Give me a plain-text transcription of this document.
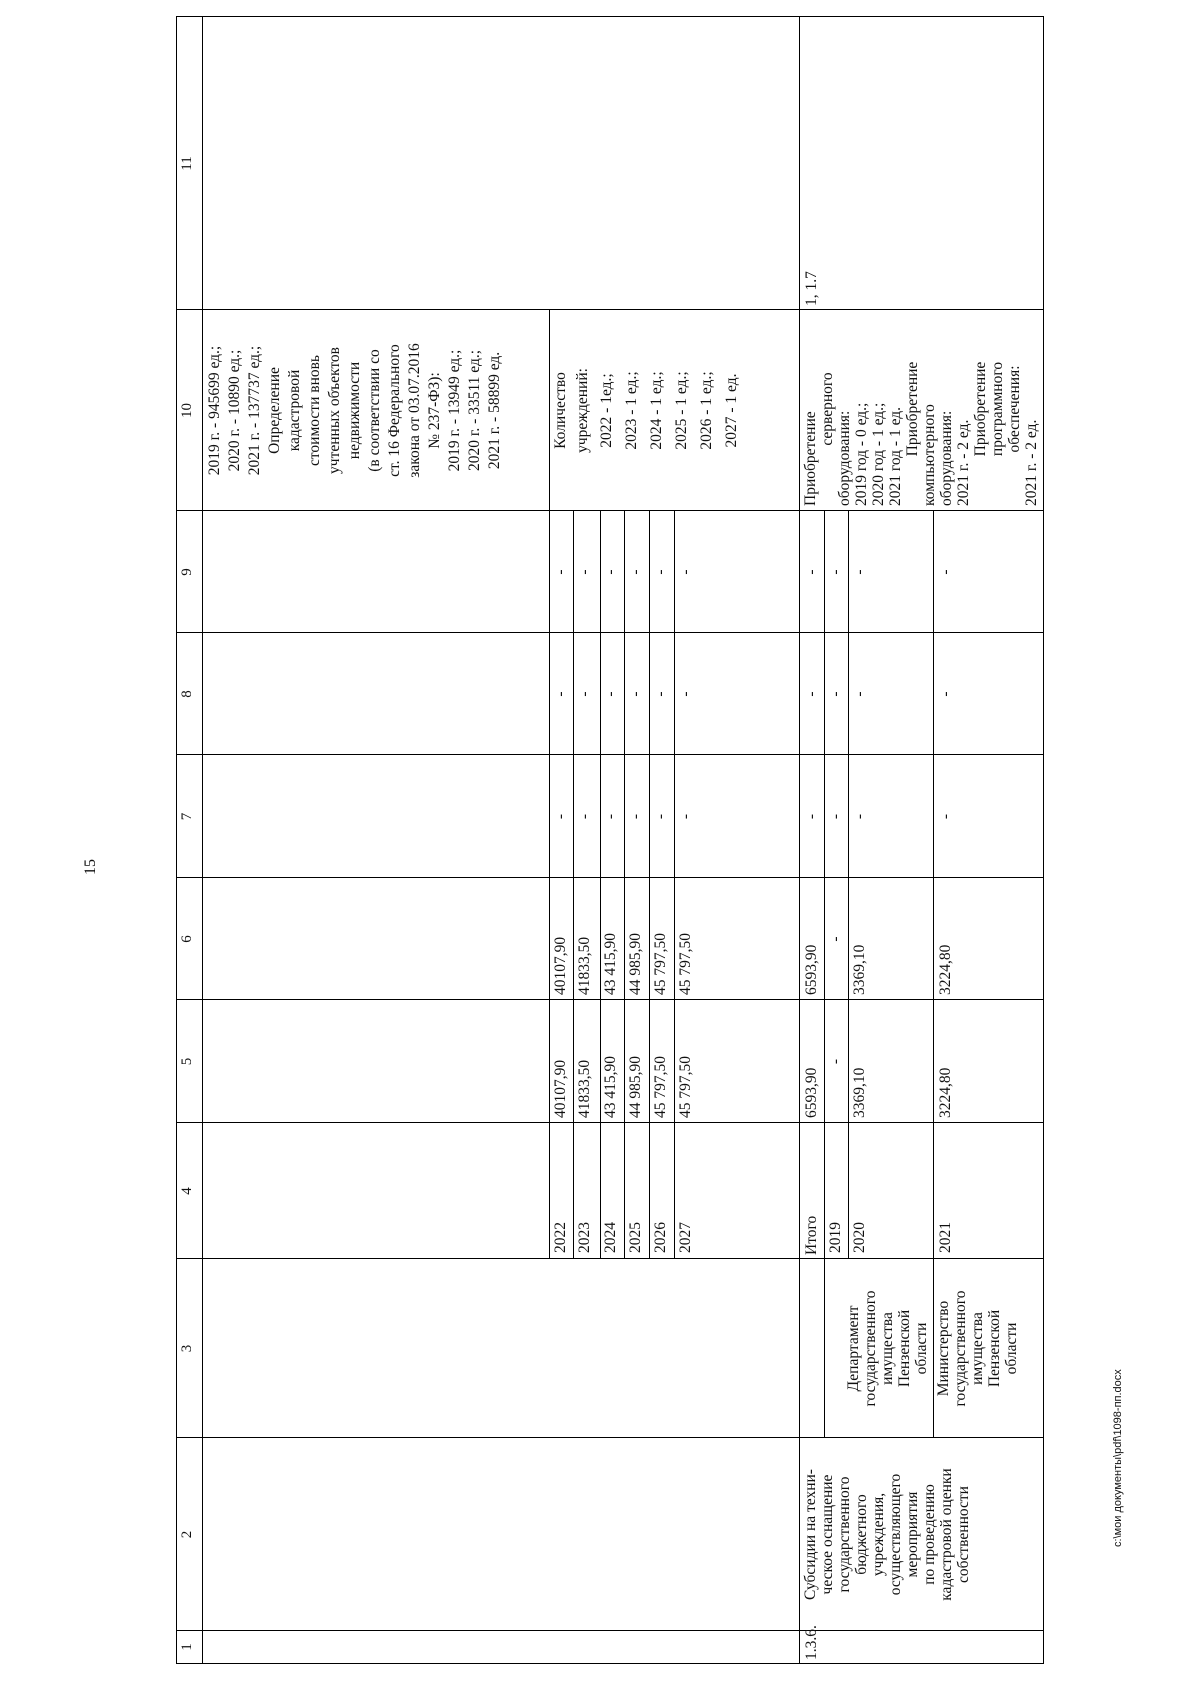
15
1
2
3
4
5
6
7
8
9
10
11
2019 г. - 945699 ед.; 2020 г. - 10890 ед.; 2021 г. - 137737 ед.; Определение кадастровой стоимости вновь учтенных объектов недвижимости (в соответствии со ст. 16 Федерального закона от 03.07.2016 № 237-ФЗ): 2019 г. - 13949 ед.; 2020 г. - 33511 ед.; 2021 г. - 58899 ед.
2022
40107,90
40107,90
-
-
-
2023
41833,50
41833,50
-
-
-
2024
43 415,90
43 415,90
-
-
-
2025
44 985,90
44 985,90
-
-
-
2026
45 797,50
45 797,50
-
-
-
2027
45 797,50
45 797,50
-
-
-
Количество учреждений: 2022 - 1ед.; 2023 - 1 ед.; 2024 - 1 ед.; 2025 - 1 ед.; 2026 - 1 ед.; 2027 - 1 ед.
1.3.6.
Субсидии на техни- ческое оснащение государственного бюджетного учреждения, осуществляющего мероприятия по проведению кадастровой оценки собственности
Департамент государственного имущества Пензенской области Министерство государственного имущества Пензенской области
Итого
6593,90
6593,90
-
-
-
2019
-
-
-
-
-
2020
3369,10
3369,10
-
-
-
2021
3224,80
3224,80
-
-
-
Приобретение
серверного
оборудования: 2019 год - 0 ед.; 2020 год - 1 ед.; 2021 год - 1 ед. Приобретение компьютерного оборудования: 2021 г. - 2 ед.
Приобретение программного обеспечения:
2021 г. - 2 ед.
1, 1.7
c:\мои документы\pdf\1098-пп.docx
